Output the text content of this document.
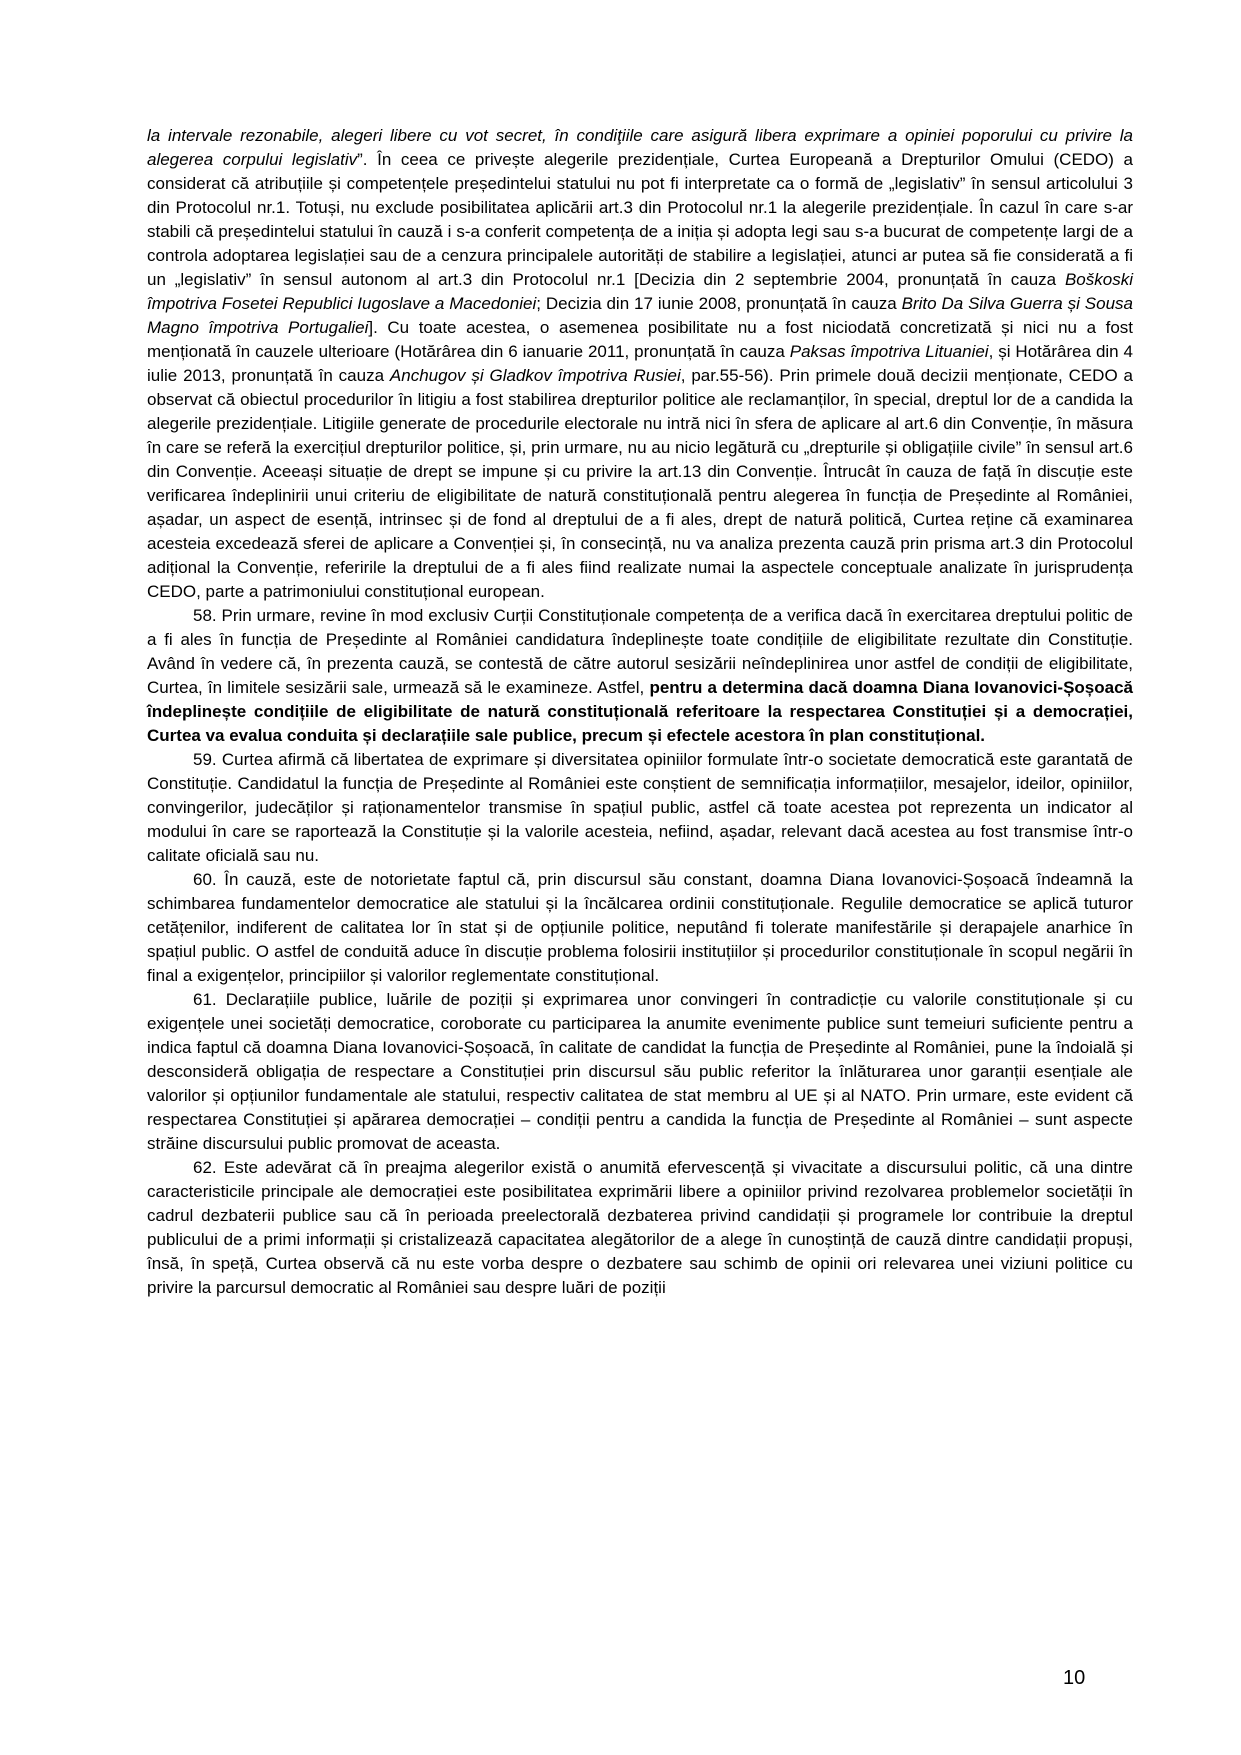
la intervale rezonabile, alegeri libere cu vot secret, în condiţiile care asigură libera exprimare a opiniei poporului cu privire la alegerea corpului legislativ”. În ceea ce privește alegerile prezidențiale, Curtea Europeană a Drepturilor Omului (CEDO) a considerat că atribuțiile și competențele președintelui statului nu pot fi interpretate ca o formă de „legislativ” în sensul articolului 3 din Protocolul nr.1. Totuși, nu exclude posibilitatea aplicării art.3 din Protocolul nr.1 la alegerile prezidențiale. În cazul în care s-ar stabili că președintelui statului în cauză i s-a conferit competența de a iniția și adopta legi sau s-a bucurat de competențe largi de a controla adoptarea legislației sau de a cenzura principalele autorități de stabilire a legislației, atunci ar putea să fie considerată a fi un „legislativ” în sensul autonom al art.3 din Protocolul nr.1 [Decizia din 2 septembrie 2004, pronunțată în cauza Boškoski împotriva Fosetei Republici Iugoslave a Macedoniei; Decizia din 17 iunie 2008, pronunțată în cauza Brito Da Silva Guerra și Sousa Magno împotriva Portugaliei]. Cu toate acestea, o asemenea posibilitate nu a fost niciodată concretizată și nici nu a fost menționată în cauzele ulterioare (Hotărârea din 6 ianuarie 2011, pronunțată în cauza Paksas împotriva Lituaniei, și Hotărârea din 4 iulie 2013, pronunțată în cauza Anchugov și Gladkov împotriva Rusiei, par.55-56). Prin primele două decizii menționate, CEDO a observat că obiectul procedurilor în litigiu a fost stabilirea drepturilor politice ale reclamanților, în special, dreptul lor de a candida la alegerile prezidențiale. Litigiile generate de procedurile electorale nu intră nici în sfera de aplicare al art.6 din Convenție, în măsura în care se referă la exercițiul drepturilor politice, și, prin urmare, nu au nicio legătură cu „drepturile și obligațiile civile” în sensul art.6 din Convenție. Aceeași situație de drept se impune și cu privire la art.13 din Convenție. Întrucât în cauza de față în discuție este verificarea îndeplinirii unui criteriu de eligibilitate de natură constituțională pentru alegerea în funcția de Președinte al României, așadar, un aspect de esență, intrinsec și de fond al dreptului de a fi ales, drept de natură politică, Curtea reține că examinarea acesteia excedează sferei de aplicare a Convenției și, în consecință, nu va analiza prezenta cauză prin prisma art.3 din Protocolul adițional la Convenție, referirile la dreptului de a fi ales fiind realizate numai la aspectele conceptuale analizate în jurisprudența CEDO, parte a patrimoniului constituțional european.

58. Prin urmare, revine în mod exclusiv Curții Constituționale competența de a verifica dacă în exercitarea dreptului politic de a fi ales în funcția de Președinte al României candidatura îndeplinește toate condițiile de eligibilitate rezultate din Constituție. Având în vedere că, în prezenta cauză, se contestă de către autorul sesizării neîndeplinirea unor astfel de condiții de eligibilitate, Curtea, în limitele sesizării sale, urmează să le examineze. Astfel, pentru a determina dacă doamna Diana Iovanovici-Șoșoacă îndeplinește condițiile de eligibilitate de natură constituțională referitoare la respectarea Constituției și a democrației, Curtea va evalua conduita și declarațiile sale publice, precum și efectele acestora în plan constituțional.

59. Curtea afirmă că libertatea de exprimare și diversitatea opiniilor formulate într-o societate democratică este garantată de Constituție. Candidatul la funcția de Președinte al României este conștient de semnificația informațiilor, mesajelor, ideilor, opiniilor, convingerilor, judecăților și raționamentelor transmise în spațiul public, astfel că toate acestea pot reprezenta un indicator al modului în care se raportează la Constituție și la valorile acesteia, nefiind, așadar, relevant dacă acestea au fost transmise într-o calitate oficială sau nu.

60. În cauză, este de notorietate faptul că, prin discursul său constant, doamna Diana Iovanovici-Șoșoacă îndeamnă la schimbarea fundamentelor democratice ale statului și la încălcarea ordinii constituționale. Regulile democratice se aplică tuturor cetățenilor, indiferent de calitatea lor în stat și de opțiunile politice, neputând fi tolerate manifestările și derapajele anarhice în spațiul public. O astfel de conduită aduce în discuție problema folosirii instituțiilor și procedurilor constituționale în scopul negării în final a exigențelor, principiilor și valorilor reglementate constituțional.

61. Declarațiile publice, luările de poziții și exprimarea unor convingeri în contradicție cu valorile constituționale și cu exigențele unei societăți democratice, coroborate cu participarea la anumite evenimente publice sunt temeiuri suficiente pentru a indica faptul că doamna Diana Iovanovici-Șoșoacă, în calitate de candidat la funcția de Președinte al României, pune la îndoială și desconsideră obligația de respectare a Constituției prin discursul său public referitor la înlăturarea unor garanții esențiale ale valorilor și opțiunilor fundamentale ale statului, respectiv calitatea de stat membru al UE și al NATO. Prin urmare, este evident că respectarea Constituției și apărarea democrației – condiții pentru a candida la funcția de Președinte al României – sunt aspecte străine discursului public promovat de aceasta.

62. Este adevărat că în preajma alegerilor există o anumită efervescență și vivacitate a discursului politic, că una dintre caracteristicile principale ale democrației este posibilitatea exprimării libere a opiniilor privind rezolvarea problemelor societății în cadrul dezbaterii publice sau că în perioada preelectorală dezbaterea privind candidații și programele lor contribuie la dreptul publicului de a primi informații și cristalizează capacitatea alegătorilor de a alege în cunoștință de cauză dintre candidații propuși, însă, în speță, Curtea observă că nu este vorba despre o dezbatere sau schimb de opinii ori relevarea unei viziuni politice cu privire la parcursul democratic al României sau despre luări de poziții

10
